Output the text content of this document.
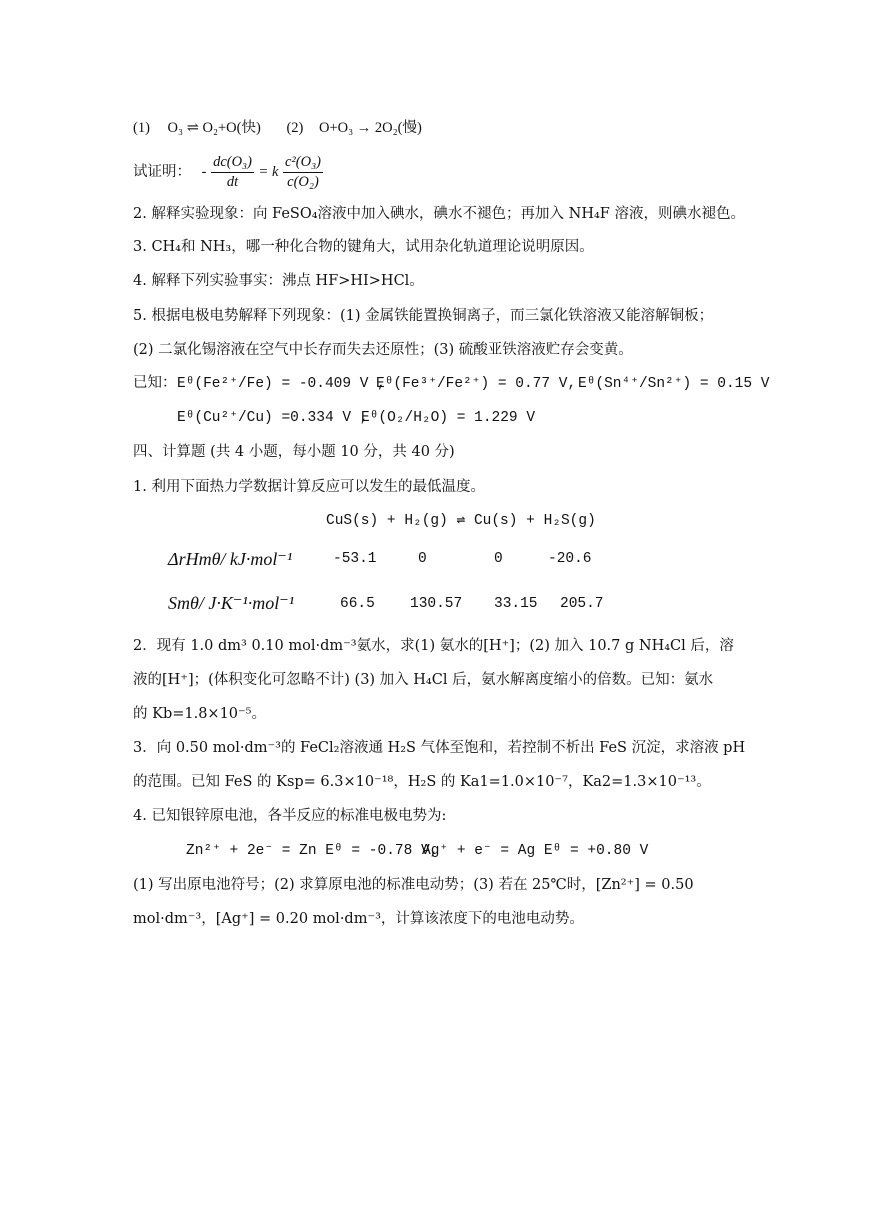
(1) O₃ ⇌ O₂+O(快) (2) O+O₃ → 2O₂(慢)
试证明： - $\frac{\text{dc(O₃)}}{dt} = k \frac{\text{c²(O₃)}}{\text{c(O₂)}}$
2. 解释实验现象：向 FeSO₄溶液中加入碘水，碘水不褪色；再加入 NH₄F 溶液，则碘水褪色。
3. CH₄和 NH₃，哪一种化合物的键角大，试用杂化轨道理论说明原因。
4. 解释下列实验事实：沸点 HF>HI>HCl。
5. 根据电极电势解释下列现象：(1) 金属铁能置换铜离子，而三氯化铁溶液又能溶解铜板；
(2) 二氯化锡溶液在空气中长存而失去还原性；(3) 硫酸亚铁溶液贮存会变黄。
已知： Eᶿ(Fe²⁺/Fe) = -0.409 V ,
Eᶿ(Fe³⁺/Fe²⁺) = 0.77 V, Eᶿ(Sn⁴⁺/Sn²⁺) = 0.15 V
Eᶿ(Cu²⁺/Cu) =0.334 V ,
Eᶿ(O₂/H₂O) = 1.229 V
四、计算题 (共 4 小题，每小题 10 分，共 40 分)
1. 利用下面热力学数据计算反应可以发生的最低温度。
CuS(s) + H₂(g) ⇌ Cu(s) + H₂S(g)
ΔrHmθ/ kJ·mol⁻¹	-53.1	0	0	-20.6
Smθ/ J·K⁻¹·mol⁻¹	66.5 130.57 33.15 205.7
2．现有 1.0 dm³ 0.10 mol·dm⁻³氨水，求(1) 氨水的[H⁺]；(2) 加入 10.7 g NH₄Cl 后，溶
液的[H⁺]；(体积变化可忽略不计) (3) 加入 H₄Cl 后，氨水解离度缩小的倍数。已知：氨水
的 Kb=1.8×10⁻⁵。
3．向 0.50 mol·dm⁻³的 FeCl₂溶液通 H₂S 气体至饱和，若控制不析出 FeS 沉淀，求溶液 pH
的范围。已知 FeS 的 Ksp= 6.3×10⁻¹⁸，H₂S 的 Ka1=1.0×10⁻⁷，Ka2=1.3×10⁻¹³。
4. 已知银锌原电池，各半反应的标准电极电势为:
Zn²⁺ + 2e⁻ = Zn Eᶿ = -0.78 V,
Ag⁺ + e⁻ = Ag Eᶿ = +0.80 V
(1) 写出原电池符号；(2) 求算原电池的标准电动势；(3) 若在 25℃时，[Zn²⁺] = 0.50
mol·dm⁻³，[Ag⁺] = 0.20 mol·dm⁻³，计算该浓度下的电池电动势。
